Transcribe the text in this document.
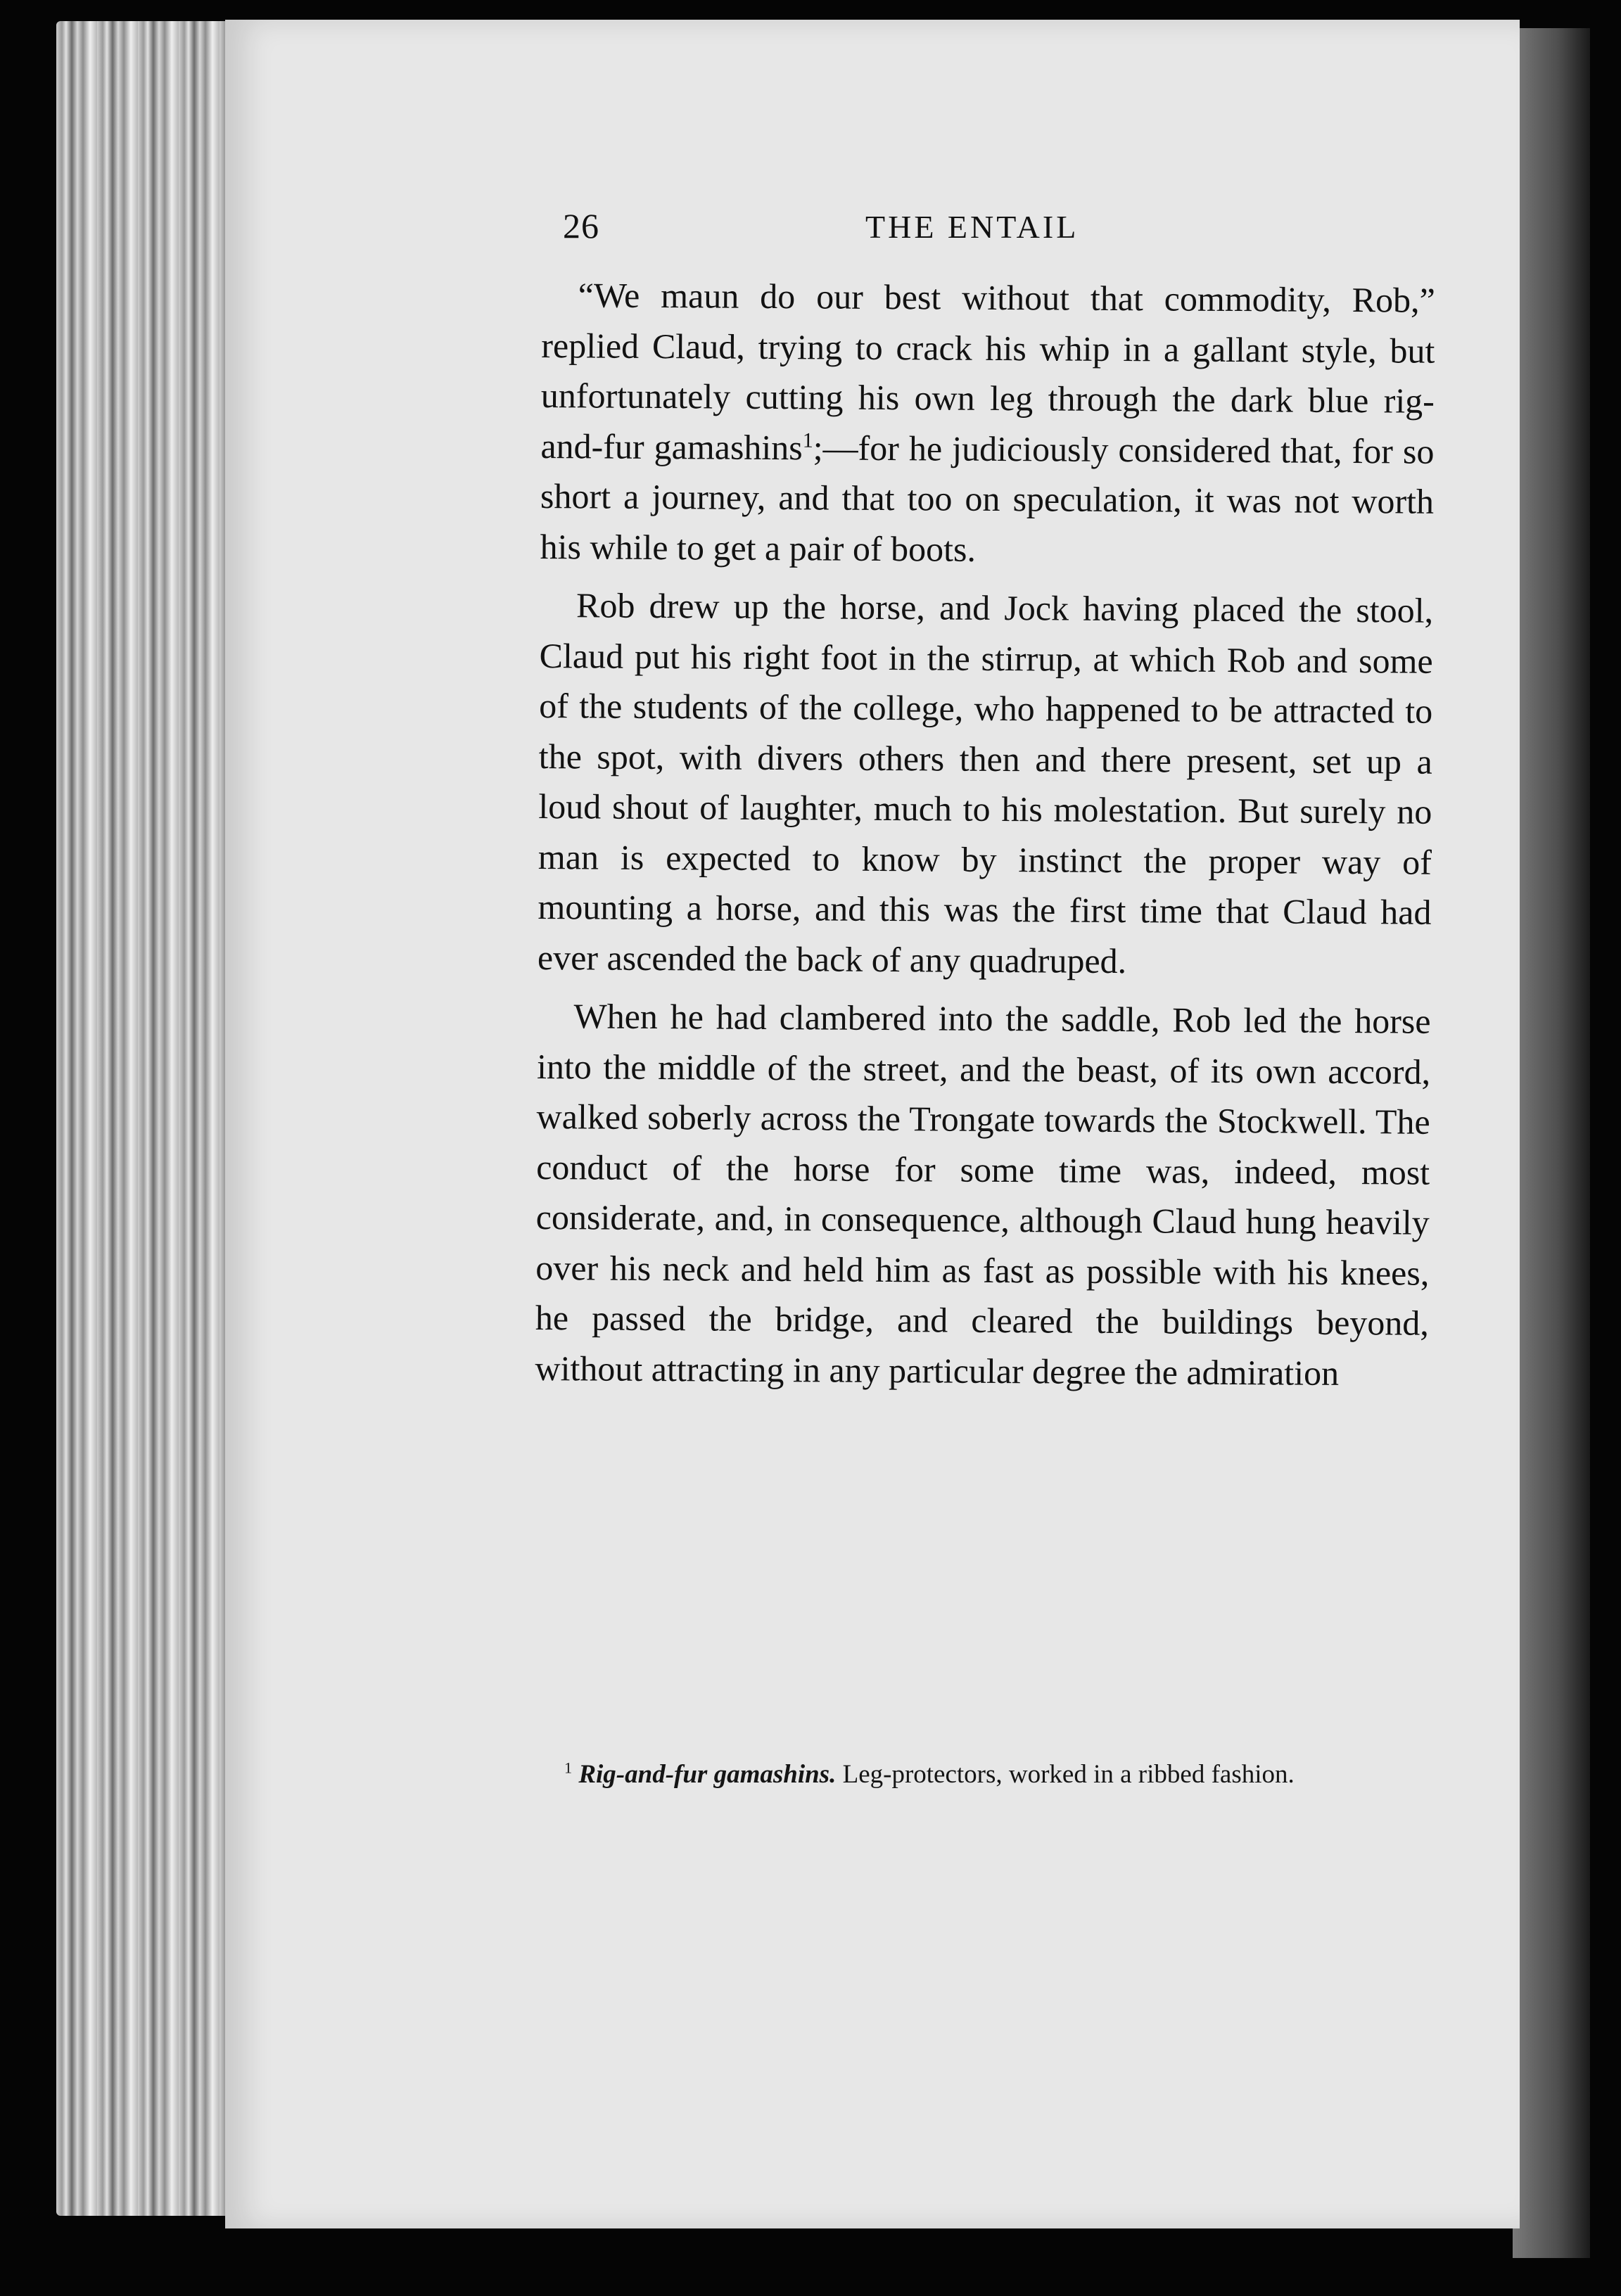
26	THE ENTAIL

“We maun do our best without that commodity, Rob,” replied Claud, trying to crack his whip in a gallant style, but unfortunately cutting his own leg through the dark blue rig-and-fur gamashins$^1$;—for he judiciously considered that, for so short a journey, and that too on speculation, it was not worth his while to get a pair of boots.

Rob drew up the horse, and Jock having placed the stool, Claud put his right foot in the stirrup, at which Rob and some of the students of the college, who happened to be attracted to the spot, with divers others then and there present, set up a loud shout of laughter, much to his molestation. But surely no man is expected to know by instinct the proper way of mounting a horse, and this was the first time that Claud had ever ascended the back of any quadruped.

When he had clambered into the saddle, Rob led the horse into the middle of the street, and the beast, of its own accord, walked soberly across the Trongate towards the Stockwell. The conduct of the horse for some time was, indeed, most considerate, and, in consequence, although Claud hung heavily over his neck and held him as fast as possible with his knees, he passed the bridge, and cleared the buildings beyond, without attracting in any particular degree the admiration

$^1$ Rig-and-fur gamashins. Leg-protectors, worked in a ribbed fashion.
